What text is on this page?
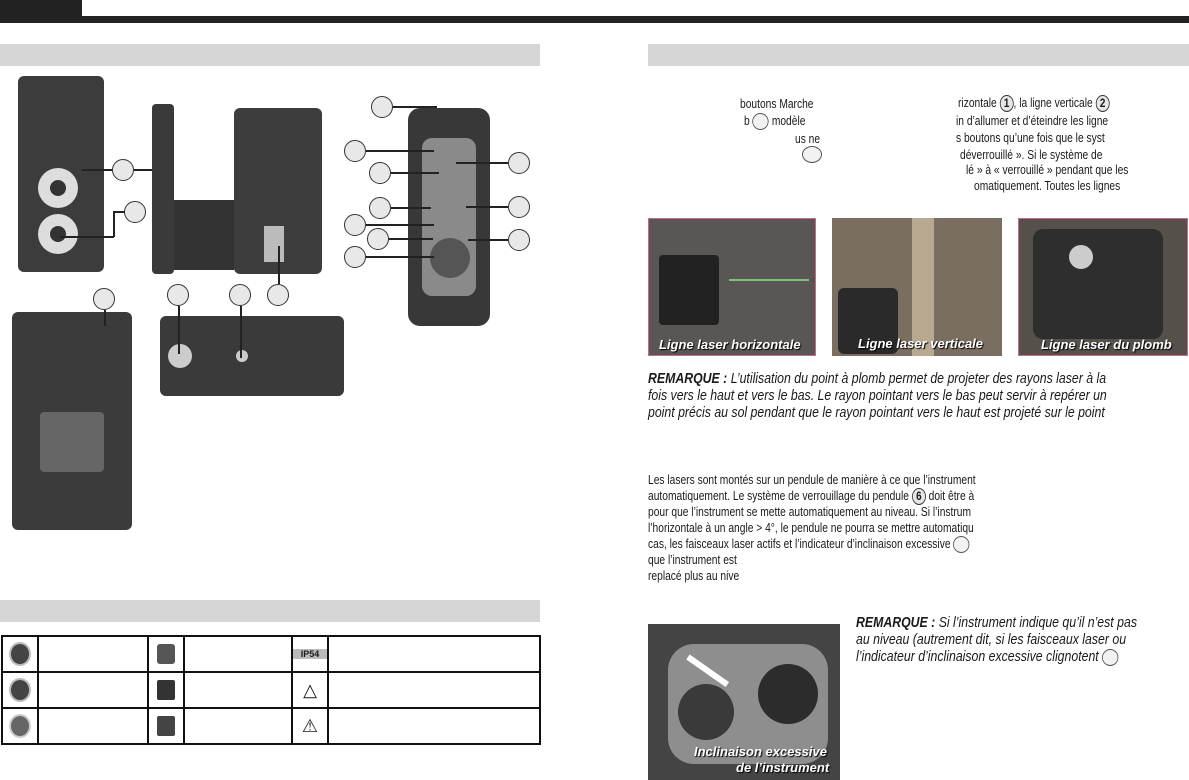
				IP54	

				△	

				⚠	

boutons Marche
b modèle
us ne
rizontale 1 , la ligne verticale 2
in d’allumer et d’éteindre les ligne
s boutons qu’une fois que le syst
déverrouillé ». Si le système de
lé » à « verrouillé » pendant que les
omatiquement. Toutes les lignes
Ligne laser horizontale	Ligne laser verticale	Ligne laser du plomb
REMARQUE : L’utilisation du point à plomb permet de projeter des rayons laser à la
fois vers le haut et vers le bas. Le rayon pointant vers le bas peut servir à repérer un
point précis au sol pendant que le rayon pointant vers le haut est projeté sur le point
Les lasers sont montés sur un pendule de manière à ce que l’instrument
automatiquement. Le système de verrouillage du pendule 6 doit être à
pour que l’instrument se mette automatiquement au niveau. Si l’instrum
l’horizontale à un angle > 4°, le pendule ne pourra se mettre automatiqu
cas, les faisceaux laser actifs et l’indicateur d’inclinaison excessive
que l’instrument est
replacé plus au nive
Inclinaison excessive
de l’instrument
REMARQUE : Si l’instrument indique qu’il n’est pas
au niveau (autrement dit, si les faisceaux laser ou
l’indicateur d’inclinaison excessive clignotent
